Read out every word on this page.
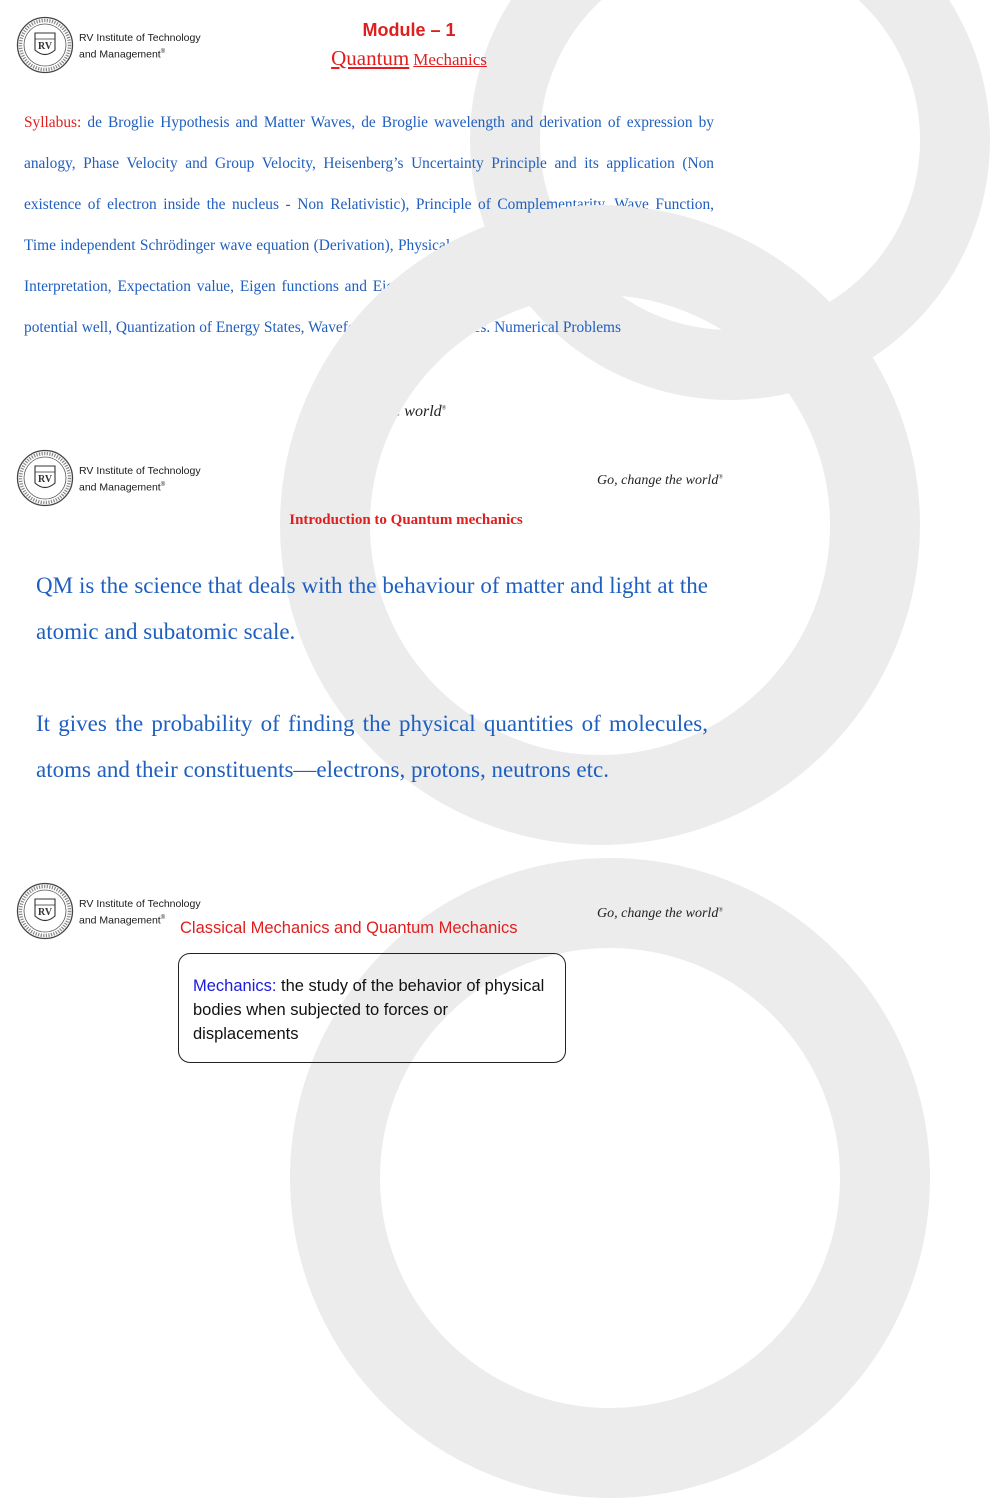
RV
RV Institute of Technology
and Management®
Module – 1
Quantum Mechanics

Syllabus: de Broglie Hypothesis and Matter Waves, de Broglie wavelength and derivation of expression by analogy, Phase Velocity and Group Velocity, Heisenberg’s Uncertainty Principle and its application (Non existence of electron inside the nucleus - Non Relativistic), Principle of Complementarity, Wave Function, Time independent Schrödinger wave equation (Derivation), Physical Significance of a wave function and Born Interpretation, Expectation value, Eigen functions and Eigen Values, Particle inside one dimensional infinite potential well, Quantization of Energy States, Waveforms and Probabilities. Numerical Problems

Go, change the world®
RV
RV Institute of Technology
and Management®	Go, change the world®
Introduction to Quantum mechanics

QM is the science that deals with the behaviour of matter and light at the atomic and subatomic scale.

It gives the probability of finding the physical quantities of molecules, atoms and their constituents—electrons, protons, neutrons etc.

RV
RV Institute of Technology
and Management®	Go, change the world®
Classical Mechanics and Quantum Mechanics
Mechanics: the study of the behavior of physical bodies when subjected to forces or displacements
